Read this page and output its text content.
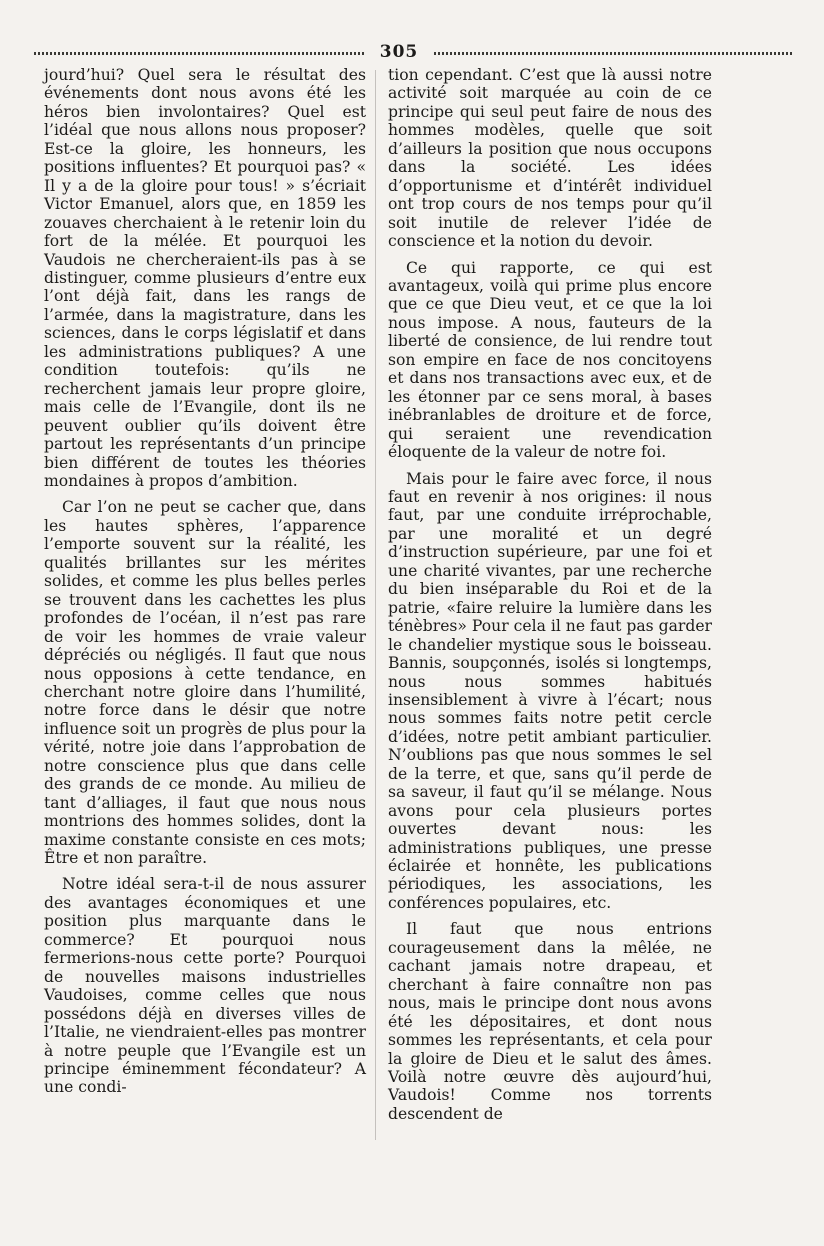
305

jourd’hui? Quel sera le résultat des événements dont nous avons été les héros bien involontaires? Quel est l’idéal que nous allons nous proposer? Est-ce la gloire, les honneurs, les positions influentes? Et pourquoi pas? « Il y a de la gloire pour tous! » s’écriait Victor Emanuel, alors que, en 1859 les zouaves cherchaient à le retenir loin du fort de la mélée. Et pourquoi les Vaudois ne chercheraient-ils pas à se distinguer, comme plusieurs d’entre eux l’ont déjà fait, dans les rangs de l’armée, dans la magistrature, dans les sciences, dans le corps législatif et dans les administrations publiques? A une condition toutefois: qu’ils ne recherchent jamais leur propre gloire, mais celle de l’Evangile, dont ils ne peuvent oublier qu’ils doivent être partout les représentants d’un principe bien différent de toutes les théories mondaines à propos d’ambition.

Car l’on ne peut se cacher que, dans les hautes sphères, l’apparence l’emporte souvent sur la réalité, les qualités brillantes sur les mérites solides, et comme les plus belles perles se trouvent dans les cachettes les plus profondes de l’océan, il n’est pas rare de voir les hommes de vraie valeur dépréciés ou négligés. Il faut que nous nous opposions à cette tendance, en cherchant notre gloire dans l’humilité, notre force dans le désir que notre influence soit un progrès de plus pour la vérité, notre joie dans l’approbation de notre conscience plus que dans celle des grands de ce monde. Au milieu de tant d’alliages, il faut que nous nous montrions des hommes solides, dont la maxime constante consiste en ces mots; Être et non paraître.

Notre idéal sera-t-il de nous assurer des avantages économiques et une position plus marquante dans le commerce? Et pourquoi nous fermerions-nous cette porte? Pourquoi de nouvelles maisons industrielles Vaudoises, comme celles que nous possédons déjà en diverses villes de l’Italie, ne viendraient-elles pas montrer à notre peuple que l’Evangile est un principe éminemment fécondateur? A une condi-

tion cependant. C’est que là aussi notre activité soit marquée au coin de ce principe qui seul peut faire de nous des hommes modèles, quelle que soit d’ailleurs la position que nous occupons dans la société. Les idées d’opportunisme et d’intérêt individuel ont trop cours de nos temps pour qu’il soit inutile de relever l’idée de conscience et la notion du devoir.

Ce qui rapporte, ce qui est avantageux, voilà qui prime plus encore que ce que Dieu veut, et ce que la loi nous impose. A nous, fauteurs de la liberté de consience, de lui rendre tout son empire en face de nos concitoyens et dans nos transactions avec eux, et de les étonner par ce sens moral, à bases inébranlables de droiture et de force, qui seraient une revendication éloquente de la valeur de notre foi.

Mais pour le faire avec force, il nous faut en revenir à nos origines: il nous faut, par une conduite irréprochable, par une moralité et un degré d’instruction supérieure, par une foi et une charité vivantes, par une recherche du bien inséparable du Roi et de la patrie, «faire reluire la lumière dans les ténèbres» Pour cela il ne faut pas garder le chandelier mystique sous le boisseau. Bannis, soupçonnés, isolés si longtemps, nous nous sommes habitués insensiblement à vivre à l’écart; nous nous sommes faits notre petit cercle d’idées, notre petit ambiant particulier. N’oublions pas que nous sommes le sel de la terre, et que, sans qu’il perde de sa saveur, il faut qu’il se mélange. Nous avons pour cela plusieurs portes ouvertes devant nous: les administrations publiques, une presse éclairée et honnête, les publications périodiques, les associations, les conférences populaires, etc.

Il faut que nous entrions courageusement dans la mêlée, ne cachant jamais notre drapeau, et cherchant à faire connaître non pas nous, mais le principe dont nous avons été les dépositaires, et dont nous sommes les représentants, et cela pour la gloire de Dieu et le salut des âmes. Voilà notre œuvre dès aujourd’hui, Vaudois! Comme nos torrents descendent de
